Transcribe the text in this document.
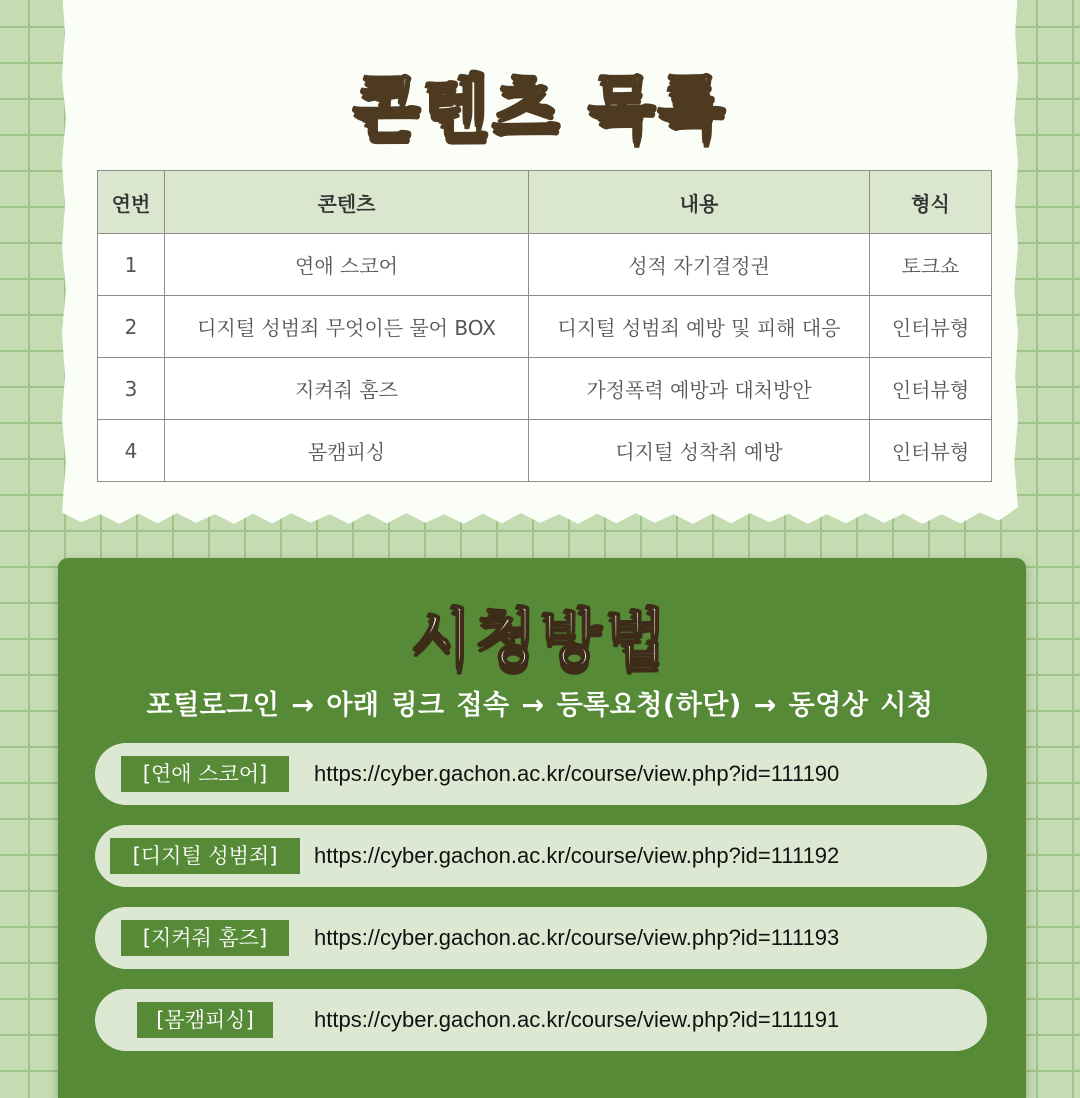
콘텐츠 목록
연번	콘텐츠	내용	형식
1	연애 스코어	성적 자기결정권	토크쇼
2	디지털 성범죄 무엇이든 물어 BOX	디지털 성범죄 예방 및 피해 대응	인터뷰형
3	지켜줘 홈즈	가정폭력 예방과 대처방안	인터뷰형
4	몸캠피싱	디지털 성착취 예방	인터뷰형
시청방법
포털로그인 → 아래 링크 접속 → 등록요청(하단) → 동영상 시청
[연애 스코어]	https://cyber.gachon.ac.kr/course/view.php?id=111190
[디지털 성범죄]	https://cyber.gachon.ac.kr/course/view.php?id=111192
[지켜줘 홈즈]	https://cyber.gachon.ac.kr/course/view.php?id=111193
[몸캠피싱]	https://cyber.gachon.ac.kr/course/view.php?id=111191
